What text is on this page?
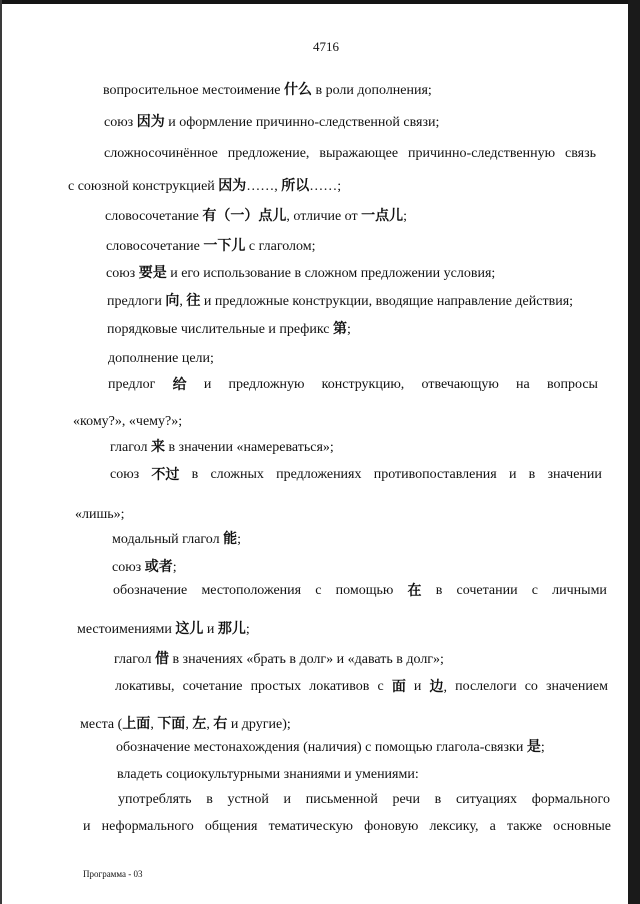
4716
вопросительное местоимение 什么 в роли дополнения;
союз 因为 и оформление причинно-следственной связи;
сложносочинённое предложение, выражающее причинно-следственную связь
с союзной конструкцией 因为……, 所以……;
словосочетание 有（一）点儿, отличие от 一点儿;
словосочетание 一下儿 с глаголом;
союз 要是 и его использование в сложном предложении условия;
предлоги 向, 往 и предложные конструкции, вводящие направление действия;
порядковые числительные и префикс 第;
дополнение цели;
предлог 给 и предложную конструкцию, отвечающую на вопросы
«кому?», «чему?»;
глагол 来 в значении «намереваться»;
союз 不过 в сложных предложениях противопоставления и в значении
«лишь»;
модальный глагол 能;
союз 或者;
обозначение местоположения с помощью 在 в сочетании с личными
местоимениями 这儿 и 那儿;
глагол 借 в значениях «брать в долг» и «давать в долг»;
локативы, сочетание простых локативов с 面 и 边, послелоги со значением
места (上面, 下面, 左, 右 и другие);
обозначение местонахождения (наличия) с помощью глагола-связки 是;
владеть социокультурными знаниями и умениями:
употреблять в устной и письменной речи в ситуациях формального
и неформального общения тематическую фоновую лексику, а также основные
Программа - 03
